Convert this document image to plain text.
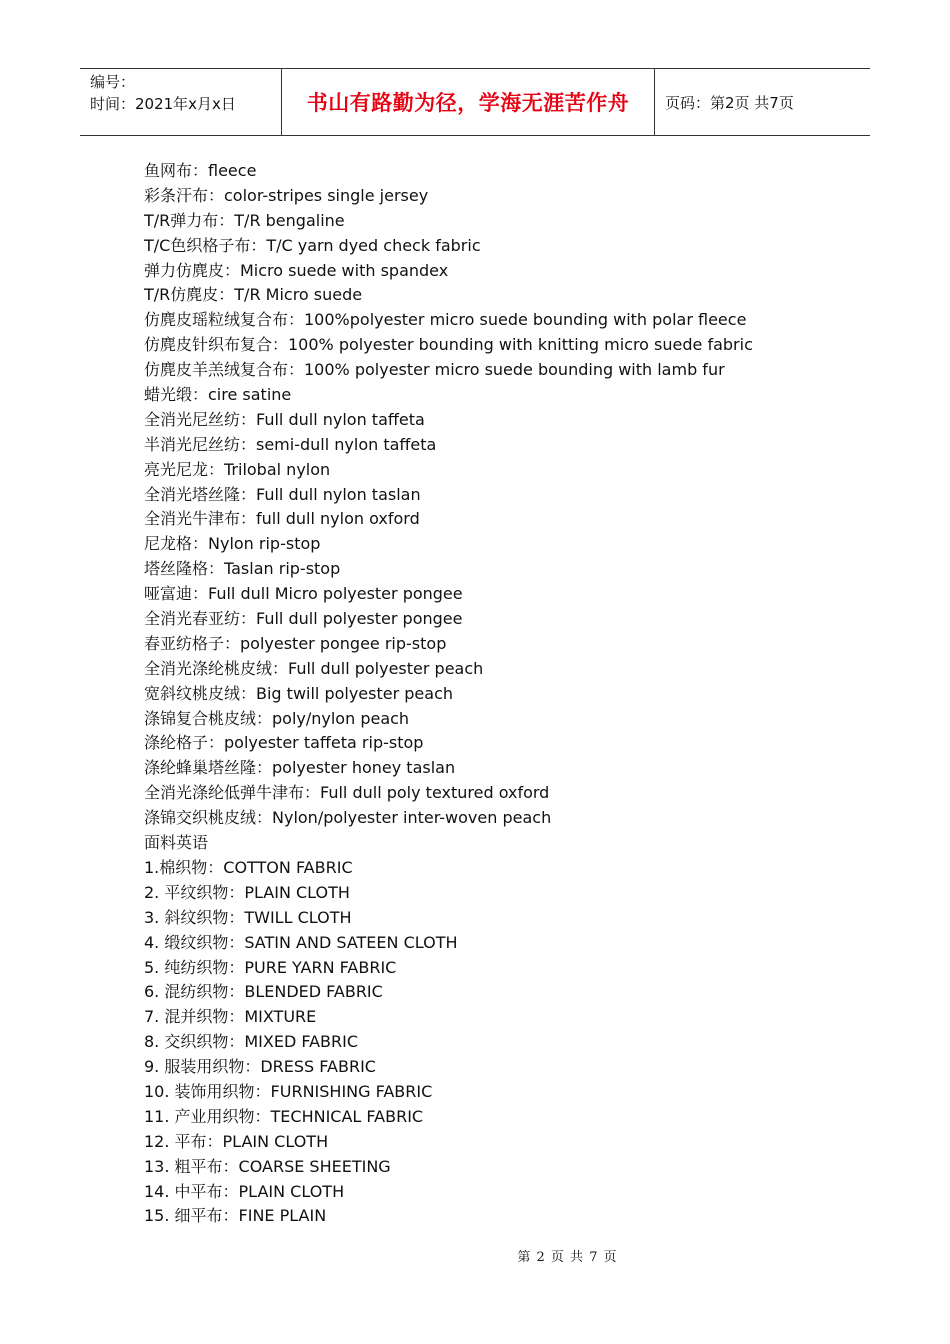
编号：
时间：2021年x月x日	书山有路勤为径，学海无涯苦作舟	页码：第2页 共7页
鱼网布：fleece
彩条汗布：color-stripes single jersey
T/R弹力布：T/R bengaline
T/C色织格子布：T/C yarn dyed check fabric
弹力仿麂皮：Micro suede with spandex
T/R仿麂皮：T/R Micro suede
仿麂皮瑶粒绒复合布：100%polyester micro suede bounding with polar fleece
仿麂皮针织布复合：100% polyester bounding with knitting micro suede fabric
仿麂皮羊羔绒复合布：100% polyester micro suede bounding with lamb fur
蜡光缎：cire satine
全消光尼丝纺：Full dull nylon taffeta
半消光尼丝纺：semi-dull nylon taffeta
亮光尼龙：Trilobal nylon
全消光塔丝隆：Full dull nylon taslan
全消光牛津布：full dull nylon oxford
尼龙格：Nylon rip-stop
塔丝隆格：Taslan rip-stop
哑富迪：Full dull Micro polyester pongee
全消光春亚纺：Full dull polyester pongee
春亚纺格子：polyester pongee rip-stop
全消光涤纶桃皮绒：Full dull polyester peach
宽斜纹桃皮绒：Big twill polyester peach
涤锦复合桃皮绒：poly/nylon peach
涤纶格子：polyester taffeta rip-stop
涤纶蜂巢塔丝隆：polyester honey taslan
全消光涤纶低弹牛津布：Full dull poly textured oxford
涤锦交织桃皮绒：Nylon/polyester inter-woven peach
面料英语
1.棉织物：COTTON FABRIC
2. 平纹织物：PLAIN CLOTH
3. 斜纹织物：TWILL CLOTH
4. 缎纹织物：SATIN AND SATEEN CLOTH
5. 纯纺织物：PURE YARN FABRIC
6. 混纺织物：BLENDED FABRIC
7. 混并织物：MIXTURE
8. 交织织物：MIXED FABRIC
9. 服装用织物：DRESS FABRIC
10. 装饰用织物：FURNISHING FABRIC
11. 产业用织物：TECHNICAL FABRIC
12. 平布：PLAIN CLOTH
13. 粗平布：COARSE SHEETING
14. 中平布：PLAIN CLOTH
15. 细平布：FINE PLAIN
第 2 页 共 7 页
